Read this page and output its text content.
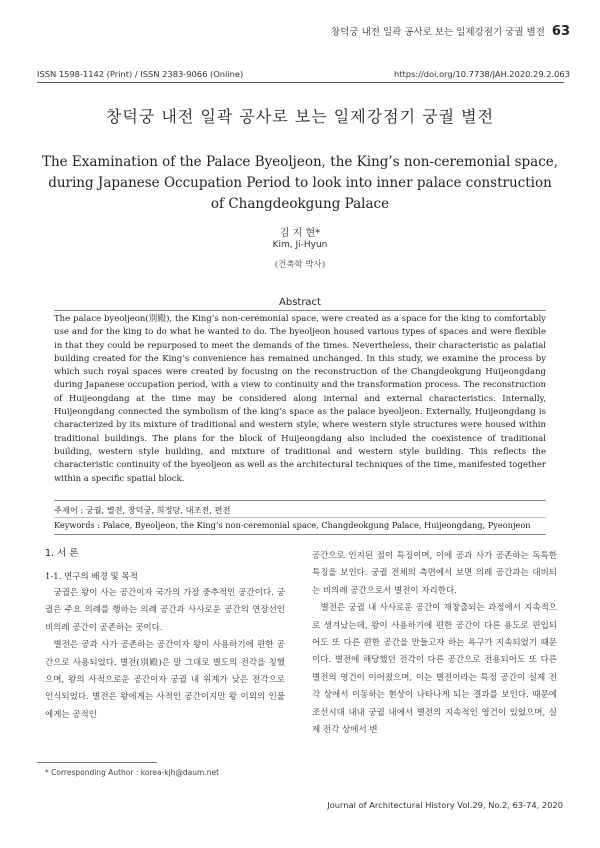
창덕궁 내전 일곽 공사로 보는 일제강점기 궁궐 별전 63
ISSN 1598-1142 (Print) / ISSN 2383-9066 (Online)	https://doi.org/10.7738/JAH.2020.29.2.063
창덕궁 내전 일곽 공사로 보는 일제강점기 궁궐 별전
The Examination of the Palace Byeoljeon, the King’s non-ceremonial space, during Japanese Occupation Period to look into inner palace construction of Changdeokgung Palace
김 지 현*
Kim, Ji-Hyun
(건축학 박사)
Abstract
The palace byeoljeon(別殿), the King’s non-ceremonial space, were created as a space for the king to comfortably use and for the king to do what he wanted to do. The byeoljeon housed various types of spaces and were flexible in that they could be repurposed to meet the demands of the times. Nevertheless, their characteristic as palatial building created for the King’s convenience has remained unchanged. In this study, we examine the process by which such royal spaces were created by focusing on the reconstruction of the Changdeokgung Huijeongdang during Japanese occupation period, with a view to continuity and the transformation process. The reconstruction of Huijeongdang at the time may be considered along internal and external characteristics. Internally, Huijeongdang connected the symbolism of the king’s space as the palace byeoljeon. Externally, Huijeongdang is characterized by its mixture of traditional and western style, where western style structures were housed within traditional buildings. The plans for the block of Huijeongdang also included the coexistence of traditional building, western style building, and mixture of traditional and western style building. This reflects the characteristic continuity of the byeoljeon as well as the architectural techniques of the time, manifested together within a specific spatial block.
주제어 : 궁궐, 별전, 창덕궁, 희정당, 대조전, 편전
Keywords : Palace, Byeoljeon, the King’s non-ceremonial space, Changdeokgung Palace, Huijeongdang, Pyeonjeon
1. 서 론
1-1. 연구의 배경 및 목적

궁궐은 왕이 사는 공간이자 국가의 가장 중추적인 공간이다. 궁궐은 주요 의례를 행하는 의례 공간과 사사로운 공간의 연장선인 비의례 공간이 공존하는 곳이다.

별전은 공과 사가 공존하는 공간이자 왕이 사용하기에 편한 공간으로 사용되었다. 별전(別殿)은 말 그대로 별도의 전각을 칭했으며, 왕의 사적으로운 공간이자 궁궐 내 위계가 낮은 전각으로 인식되었다. 별전은 왕에게는 사적인 공간이지만 왕 이외의 인물에게는 공적인

공간으로 인지된 점이 특징이며, 이에 공과 사가 공존하는 독특한 특징을 보인다. 궁궐 전체의 측면에서 보면 의례 공간과는 대비되는 비의례 공간으로서 별전이 자리한다.

별전은 궁궐 내 사사로운 공간이 재창출되는 과정에서 지속적으로 생겨났는데, 왕이 사용하기에 편한 공간이 다른 용도로 편입되어도 또 다른 편한 공간을 만들고자 하는 욕구가 지속되었기 때문이다. 별전에 해당했던 전각이 다른 공간으로 전용되어도 또 다른 별전의 영건이 이어졌으며, 이는 별전이라는 특정 공간이 실제 전각 상에서 이동하는 현상이 나타나게 되는 결과를 보인다. 때문에 조선시대 내내 궁궐 내에서 별전의 지속적인 영건이 있었으며, 실제 전각 상에서 변

* Corresponding Author : korea-kjh@daum.net
Journal of Architectural History Vol.29, No.2, 63-74, 2020
